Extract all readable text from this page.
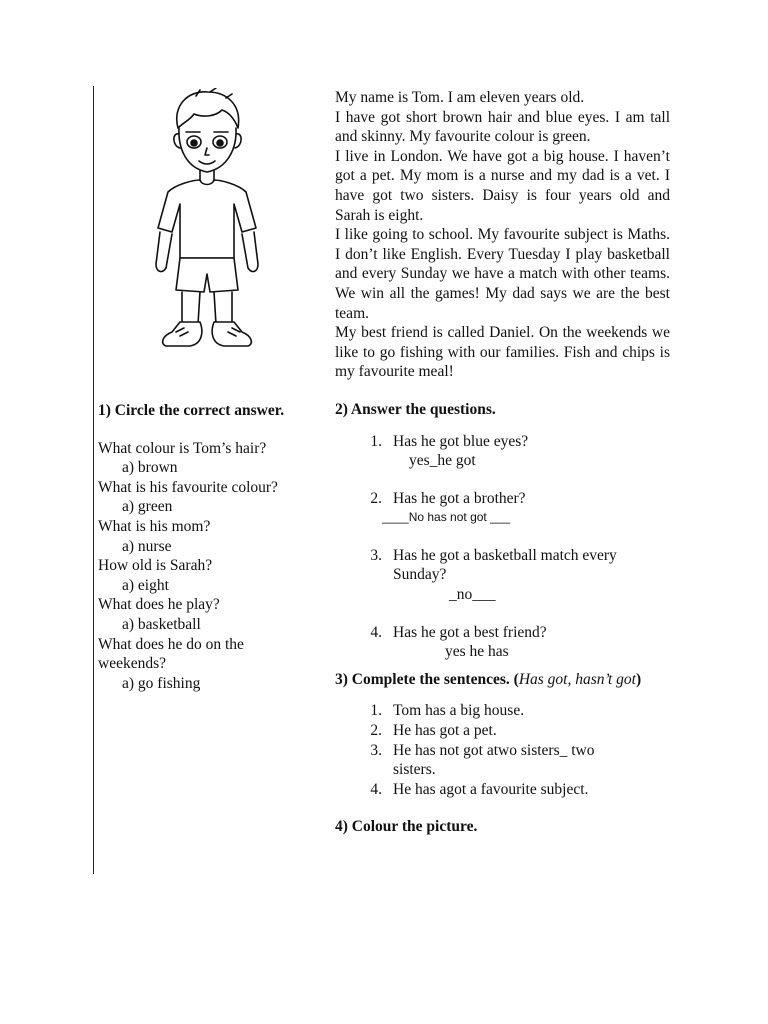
My name is Tom. I am eleven years old.

I have got short brown hair and blue eyes. I am tall and skinny. My favourite colour is green.

I live in London. We have got a big house. I haven’t got a pet. My mom is a nurse and my dad is a vet. I have got two sisters. Daisy is four years old and Sarah is eight.

I like going to school. My favourite subject is Maths. I don’t like English. Every Tuesday I play basketball and every Sunday we have a match with other teams. We win all the games! My dad says we are the best team.

My best friend is called Daniel. On the weekends we like to go fishing with our families. Fish and chips is my favourite meal!

2) Answer the questions.

1. Has he got blue eyes?
yes_he got
2. Has he got a brother?
____No has not got ___
3. Has he got a basketball match every Sunday?
_no___
4. Has he got a best friend?
yes he has

3) Complete the sentences. (Has got, hasn’t got)

1. Tom has a big house.
2. He has got a pet.
3. He has not got atwo sisters_ two sisters.
4. He has agot a favourite subject.

4) Colour the picture.

1) Circle the correct answer.

What colour is Tom’s hair?

a) brown

What is his favourite colour?

a) green

What is his mom?

a) nurse

How old is Sarah?

a) eight

What does he play?

a) basketball

What does he do on the weekends?

a) go fishing
